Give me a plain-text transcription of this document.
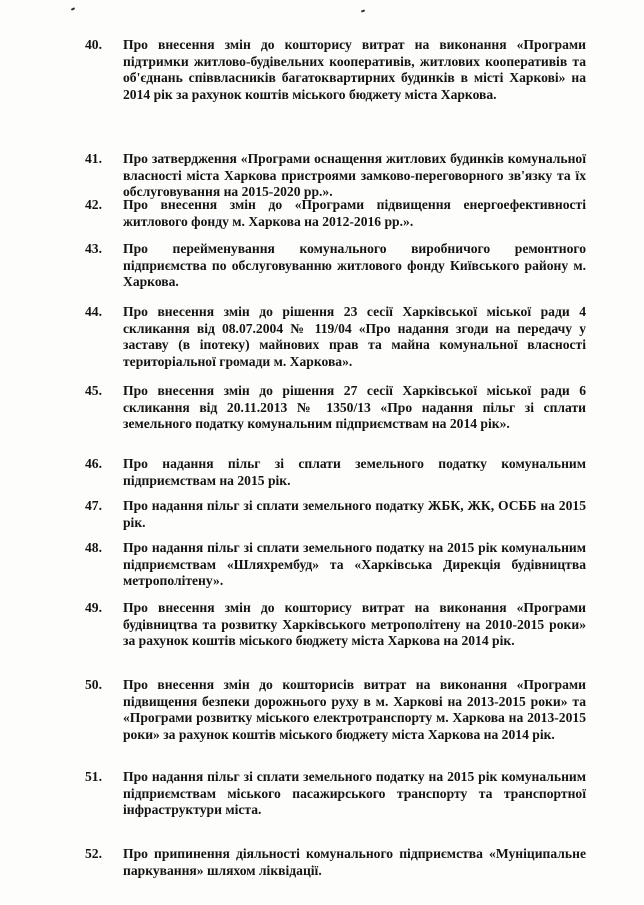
40.	Про внесення змін до кошторису витрат на виконання «Програми підтримки житлово-будівельних кооперативів, житлових кооперативів та об'єднань співвласників багатоквартирних будинків в місті Харкові» на 2014 рік за рахунок коштів міського бюджету міста Харкова.
41.	Про затвердження «Програми оснащення житлових будинків комунальної власності міста Харкова пристроями замково-переговорного зв'язку та їх обслуговування на 2015-2020 рр.».
42.	Про внесення змін до «Програми підвищення енергоефективності житлового фонду м. Харкова на 2012-2016 рр.».
43.	Про перейменування комунального виробничого ремонтного підприємства по обслуговуванню житлового фонду Київського району м. Харкова.
44.	Про внесення змін до рішення 23 сесії Харківської міської ради 4 скликання від 08.07.2004 № 119/04 «Про надання згоди на передачу у заставу (в іпотеку) майнових прав та майна комунальної власності територіальної громади м. Харкова».
45.	Про внесення змін до рішення 27 сесії Харківської міської ради 6 скликання від 20.11.2013 № 1350/13 «Про надання пільг зі сплати земельного податку комунальним підприємствам на 2014 рік».
46.	Про надання пільг зі сплати земельного податку комунальним підприємствам на 2015 рік.
47.	Про надання пільг зі сплати земельного податку ЖБК, ЖК, ОСББ на 2015 рік.
48.	Про надання пільг зі сплати земельного податку на 2015 рік комунальним підприємствам «Шляхрембуд» та «Харківська Дирекція будівництва метрополітену».
49.	Про внесення змін до кошторису витрат на виконання «Програми будівництва та розвитку Харківського метрополітену на 2010-2015 роки» за рахунок коштів міського бюджету міста Харкова на 2014 рік.
50.	Про внесення змін до кошторисів витрат на виконання «Програми підвищення безпеки дорожнього руху в м. Харкові на 2013-2015 роки» та «Програми розвитку міського електротранспорту м. Харкова на 2013-2015 роки» за рахунок коштів міського бюджету міста Харкова на 2014 рік.
51.	Про надання пільг зі сплати земельного податку на 2015 рік комунальним підприємствам міського пасажирського транспорту та транспортної інфраструктури міста.
52.	Про припинення діяльності комунального підприємства «Муніципальне паркування» шляхом ліквідації.
